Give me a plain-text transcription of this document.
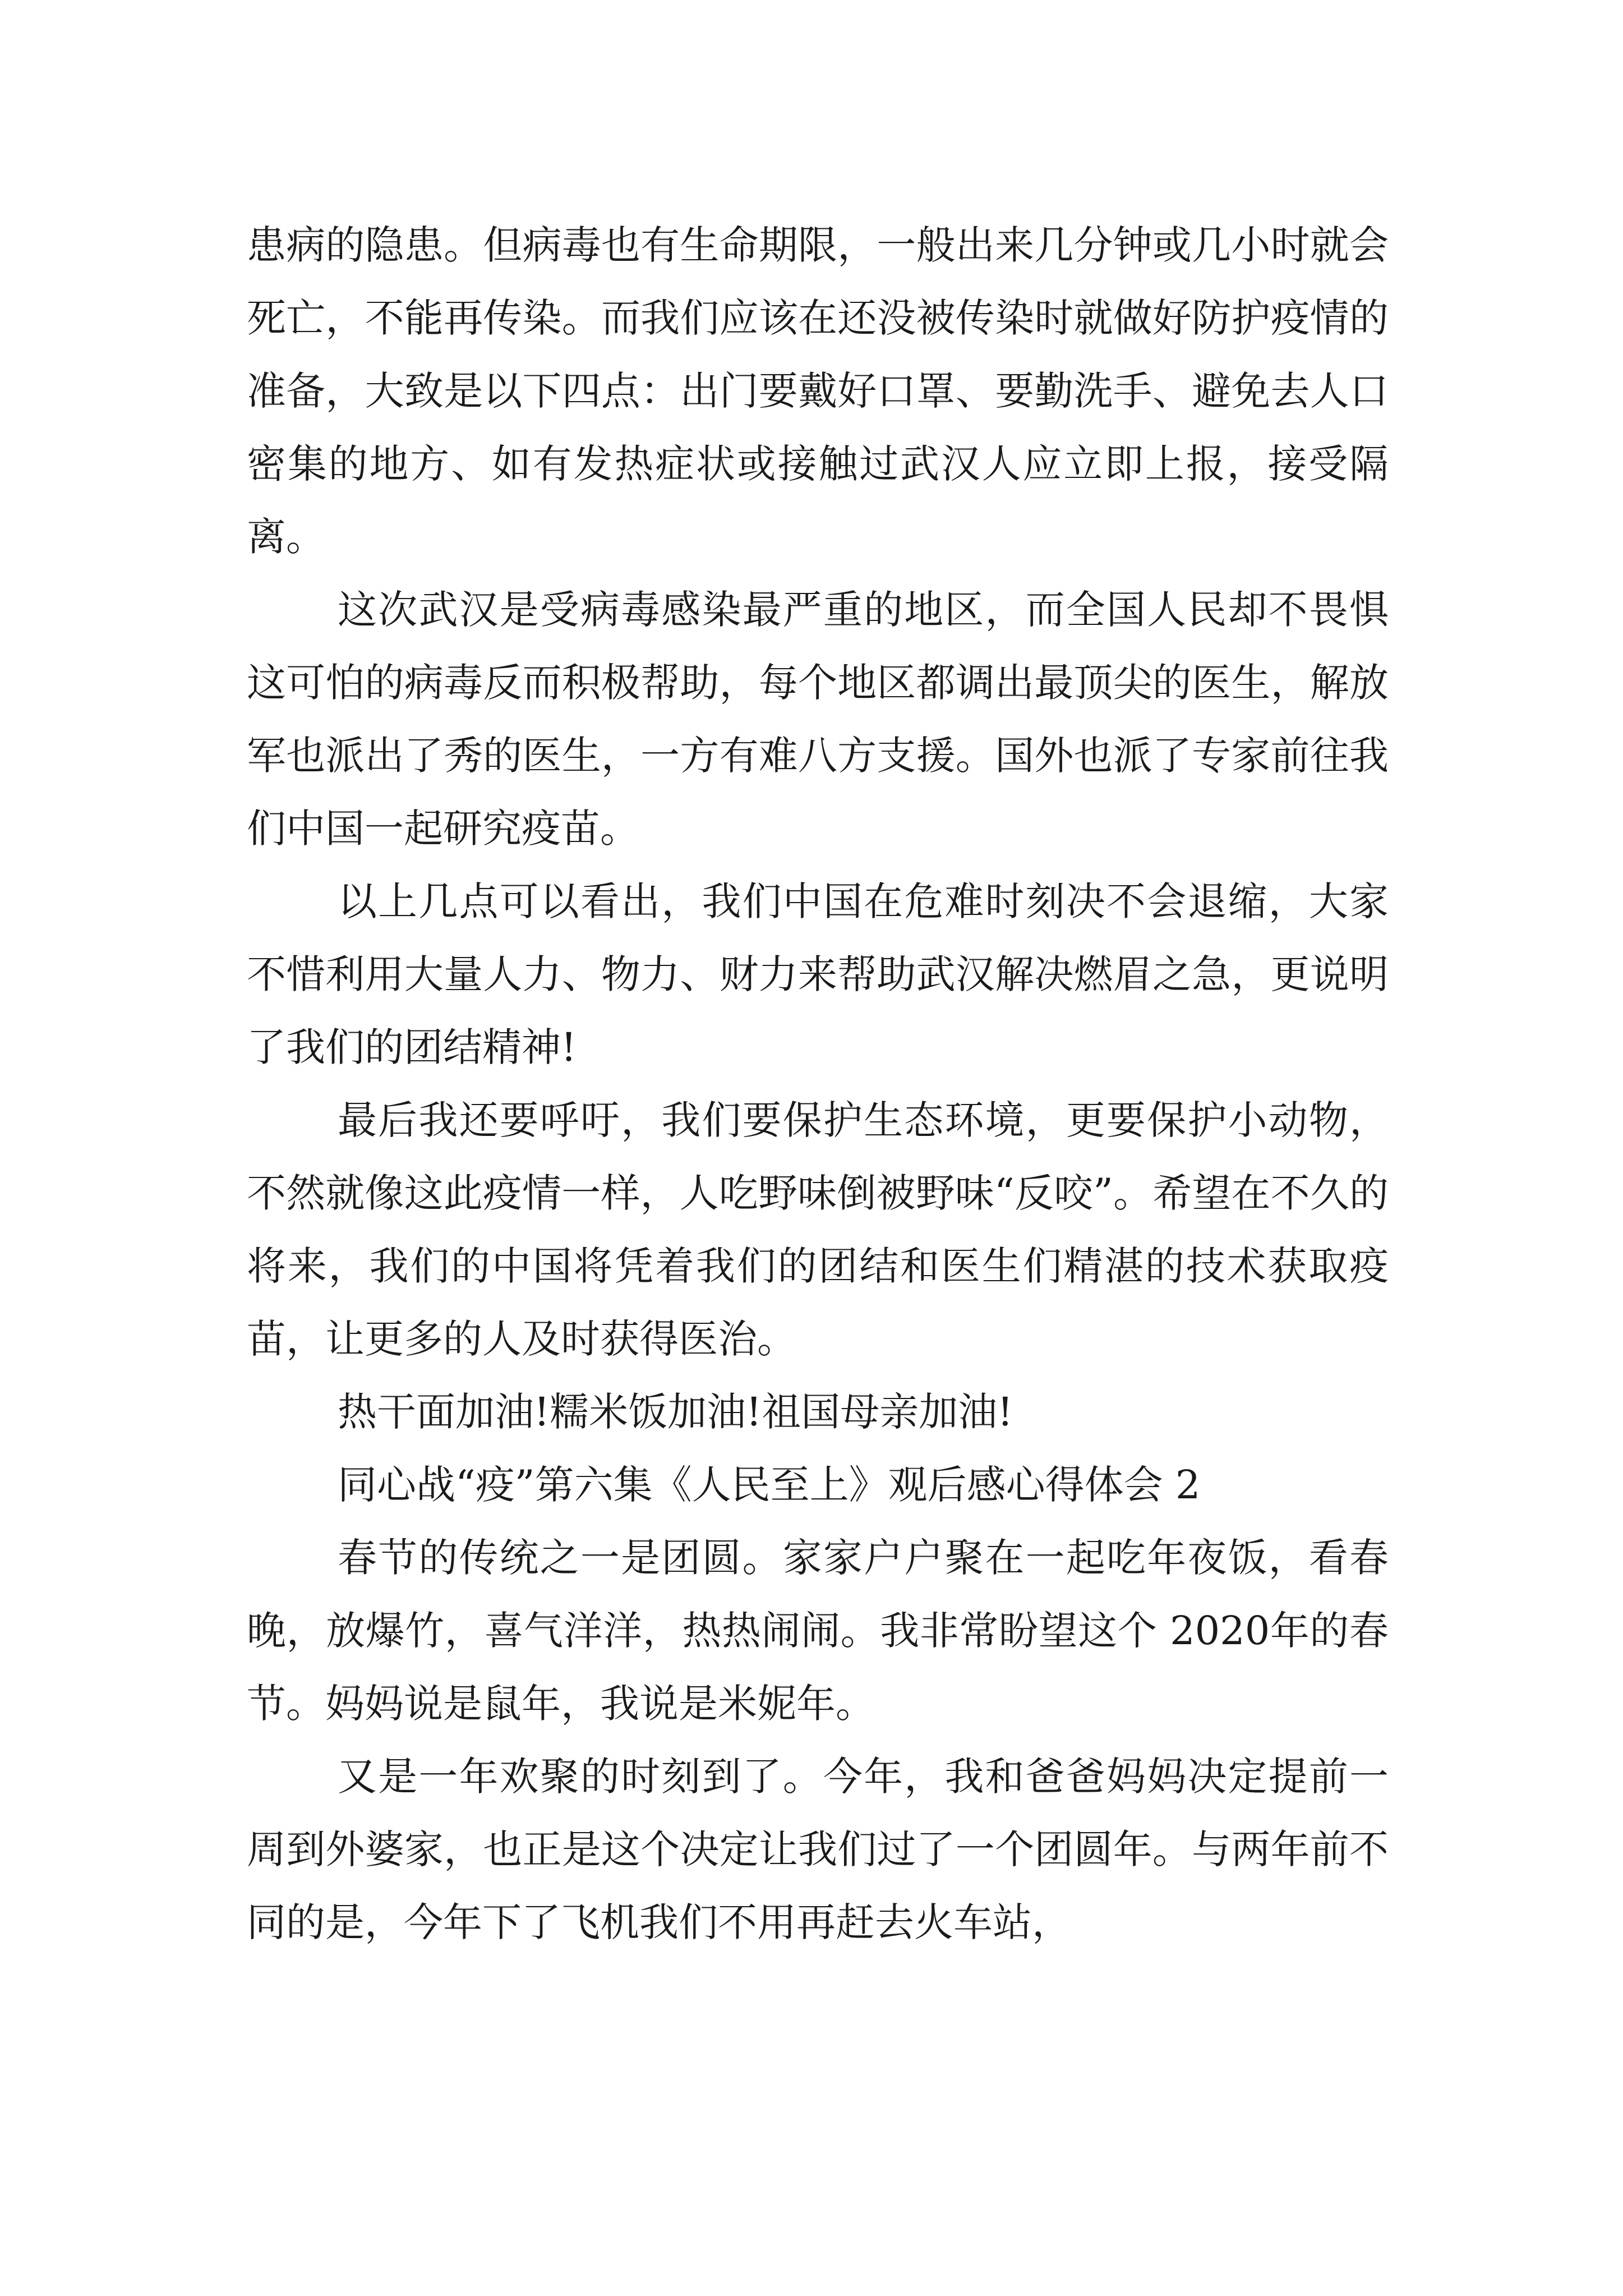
患病的隐患。但病毒也有生命期限，一般出来几分钟或几小时就会死亡，不能再传染。而我们应该在还没被传染时就做好防护疫情的准备，大致是以下四点：出门要戴好口罩、要勤洗手、避免去人口密集的地方、如有发热症状或接触过武汉人应立即上报，接受隔离。

这次武汉是受病毒感染最严重的地区，而全国人民却不畏惧这可怕的病毒反而积极帮助，每个地区都调出最顶尖的医生，解放军也派出了秀的医生，一方有难八方支援。国外也派了专家前往我们中国一起研究疫苗。

以上几点可以看出，我们中国在危难时刻决不会退缩，大家不惜利用大量人力、物力、财力来帮助武汉解决燃眉之急，更说明了我们的团结精神!

最后我还要呼吁，我们要保护生态环境，更要保护小动物，不然就像这此疫情一样，人吃野味倒被野味“反咬”。希望在不久的将来，我们的中国将凭着我们的团结和医生们精湛的技术获取疫苗，让更多的人及时获得医治。

热干面加油!糯米饭加油!祖国母亲加油!

同心战“疫”第六集《人民至上》观后感心得体会 2

春节的传统之一是团圆。家家户户聚在一起吃年夜饭，看春晚，放爆竹，喜气洋洋，热热闹闹。我非常盼望这个 2020年的春节。妈妈说是鼠年，我说是米妮年。

又是一年欢聚的时刻到了。今年，我和爸爸妈妈决定提前一周到外婆家，也正是这个决定让我们过了一个团圆年。与两年前不同的是，今年下了飞机我们不用再赶去火车站，
